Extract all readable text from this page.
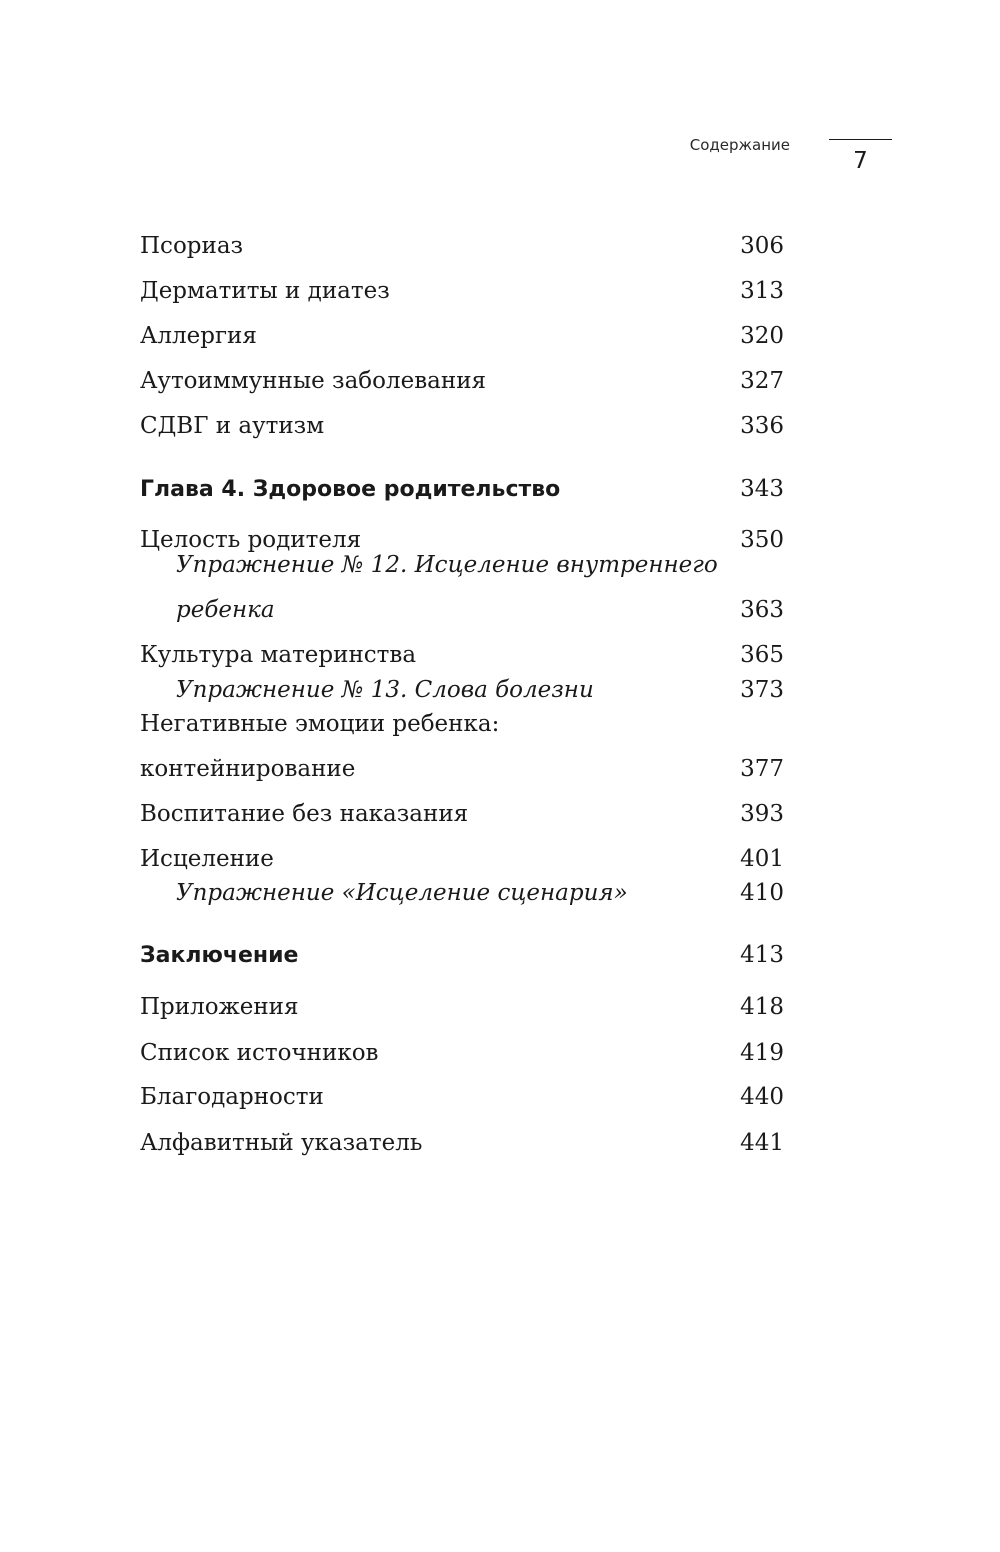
Содержание
7
Псориаз	306
Дерматиты и диатез	313
Аллергия	320
Аутоиммунные заболевания	327
СДВГ и аутизм	336
Глава 4. Здоровое родительство	343
Целость родителя	350
Упражнение № 12. Исцеление внутреннего
ребенка	363
Культура материнства	365
Упражнение № 13. Слова болезни	373
Негативные эмоции ребенка:
контейнирование	377
Воспитание без наказания	393
Исцеление	401
Упражнение «Исцеление сценария»	410
Заключение	413
Приложения	418
Список источников	419
Благодарности	440
Алфавитный указатель	441
